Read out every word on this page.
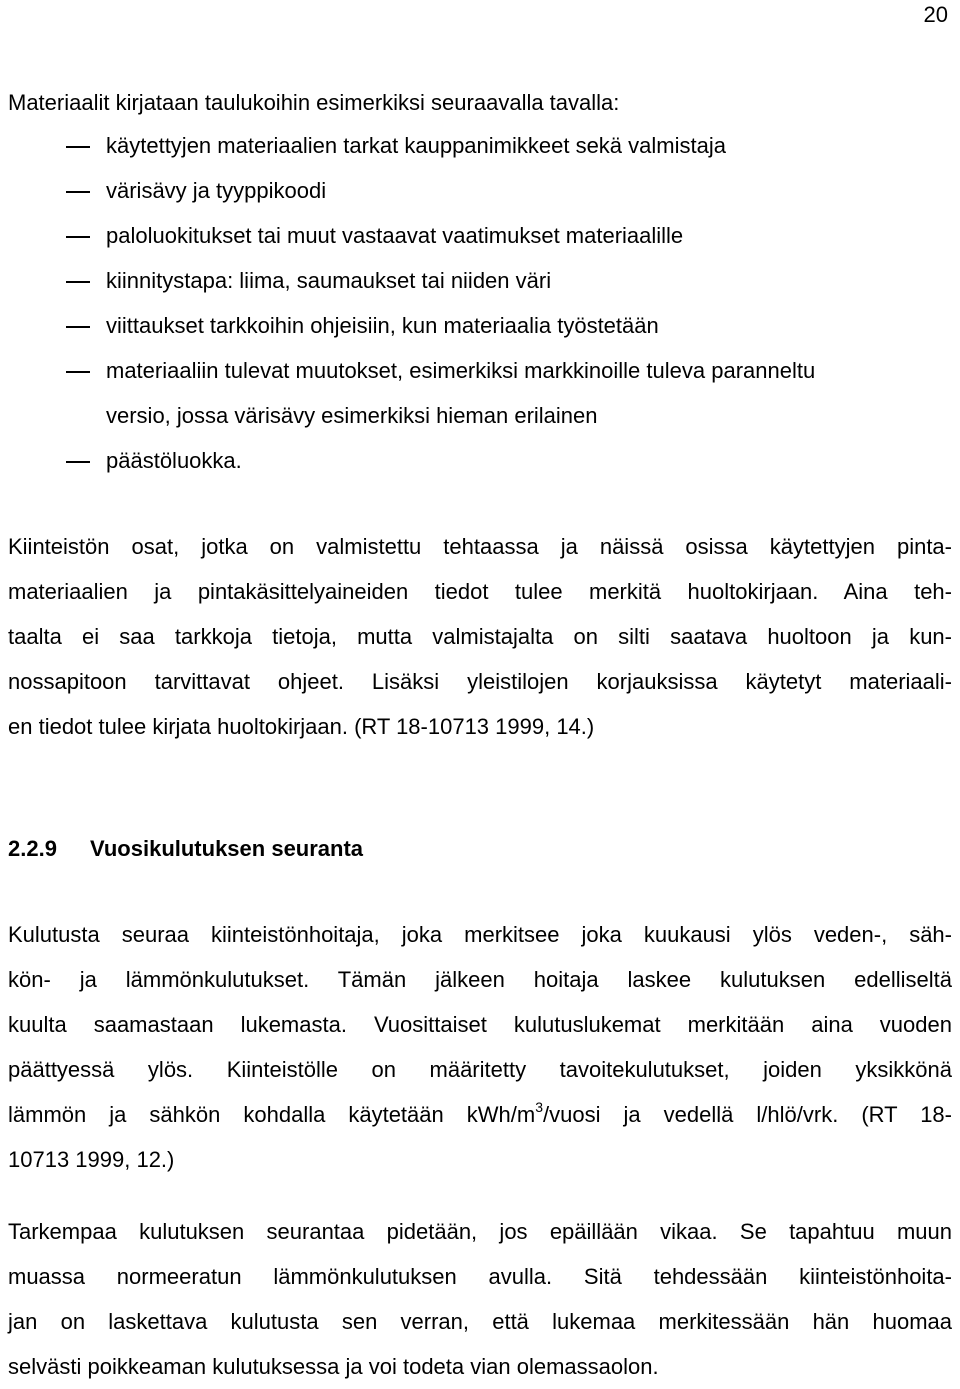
20

Materiaalit kirjataan taulukoihin esimerkiksi seuraavalla tavalla:

käytettyjen materiaalien tarkat kauppanimikkeet sekä valmistaja
värisävy ja tyyppikoodi
paloluokitukset tai muut vastaavat vaatimukset materiaalille
kiinnitystapa: liima, saumaukset tai niiden väri
viittaukset tarkkoihin ohjeisiin, kun materiaalia työstetään
materiaaliin tulevat muutokset, esimerkiksi markkinoille tuleva paranneltu
versio, jossa värisävy esimerkiksi hieman erilainen
päästöluokka.
Kiinteistön osat, jotka on valmistettu tehtaassa ja näissä osissa käytettyjen pinta-
materiaalien ja pintakäsittelyaineiden tiedot tulee merkitä huoltokirjaan. Aina teh-
taalta ei saa tarkkoja tietoja, mutta valmistajalta on silti saatava huoltoon ja kun-
nossapitoon tarvittavat ohjeet. Lisäksi yleistilojen korjauksissa käytetyt materiaali-
en tiedot tulee kirjata huoltokirjaan. (RT 18-10713 1999, 14.)
2.2.9 Vuosikulutuksen seuranta
Kulutusta seuraa kiinteistönhoitaja, joka merkitsee joka kuukausi ylös veden-, säh-
kön- ja lämmönkulutukset. Tämän jälkeen hoitaja laskee kulutuksen edelliseltä
kuulta saamastaan lukemasta. Vuosittaiset kulutuslukemat merkitään aina vuoden
päättyessä ylös. Kiinteistölle on määritetty tavoitekulutukset, joiden yksikkönä
lämmön ja sähkön kohdalla käytetään kWh/$m^3$/vuosi ja vedellä l/hlö/vrk. (RT 18-
10713 1999, 12.)
Tarkempaa kulutuksen seurantaa pidetään, jos epäillään vikaa. Se tapahtuu muun
muassa normeeratun lämmönkulutuksen avulla. Sitä tehdessään kiinteistönhoita-
jan on laskettava kulutusta sen verran, että lukemaa merkitessään hän huomaa
selvästi poikkeaman kulutuksessa ja voi todeta vian olemassaolon.
